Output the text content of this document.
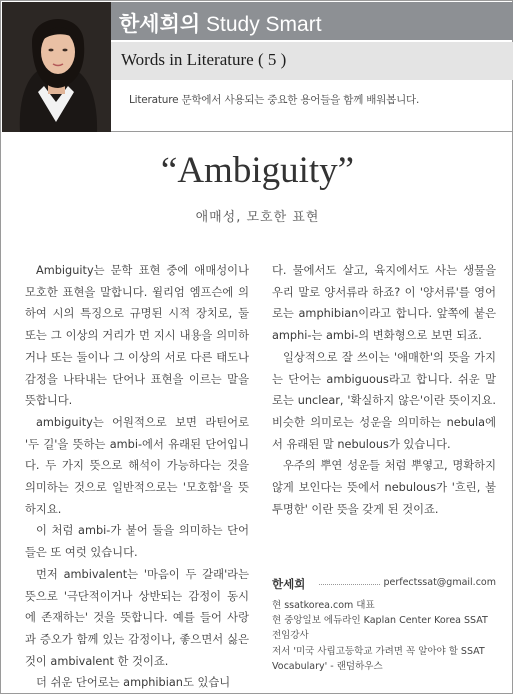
한세희의 Study Smart
Words in Literature ( 5 )
Literature 문학에서 사용되는 중요한 용어들을 함께 배워봅니다.
“Ambiguity”
애매성, 모호한 표현

Ambiguity는 문학 표현 중에 애매성이나 모호한 표현을 말합니다. 윌리엄 엠프슨에 의하여 시의 특징으로 규명된 시적 장치로, 둘 또는 그 이상의 거리가 먼 지시 내용을 의미하거나 또는 둘이나 그 이상의 서로 다른 태도나 감정을 나타내는 단어나 표현을 이르는 말을 뜻합니다.

ambiguity는 어원적으로 보면 라틴어로 '두 길'을 뜻하는 ambi-에서 유래된 단어입니다. 두 가지 뜻으로 해석이 가능하다는 것을 의미하는 것으로 일반적으로는 '모호함'을 뜻하지요.

이 처럼 ambi-가 붙어 둘을 의미하는 단어들은 또 여럿 있습니다.

먼저 ambivalent는 '마음이 두 갈래'라는 뜻으로 '극단적이거나 상반되는 감정이 동시에 존재하는' 것을 뜻합니다. 예를 들어 사랑과 증오가 함께 있는 감정이나, 좋으면서 싫은 것이 ambivalent 한 것이죠.

더 쉬운 단어로는 amphibian도 있습니

다. 물에서도 살고, 육지에서도 사는 생물을 우리 말로 양서류라 하죠? 이 '양서류'를 영어로는 amphibian이라고 합니다. 앞쪽에 붙은 amphi-는 ambi-의 변화형으로 보면 되죠.

일상적으로 잘 쓰이는 '애매한'의 뜻을 가지는 단어는 ambiguous라고 합니다. 쉬운 말로는 unclear, '확실하지 않은'이란 뜻이지요. 비슷한 의미로는 성운을 의미하는 nebula에서 유래된 말 nebulous가 있습니다.

우주의 뿌연 성운들 처럼 뿌옇고, 명확하지 않게 보인다는 뜻에서 nebulous가 '흐린, 불투명한' 이란 뜻을 갖게 된 것이죠.

한세희	perfectssat@gmail.com
현 ssatkorea.com 대표
현 중앙일보 에듀라인 Kaplan Center Korea SSAT
전임강사
저서 '미국 사립고등학교 가려면 꼭 알아야 할 SSAT
Vocabulary' - 랜덤하우스
